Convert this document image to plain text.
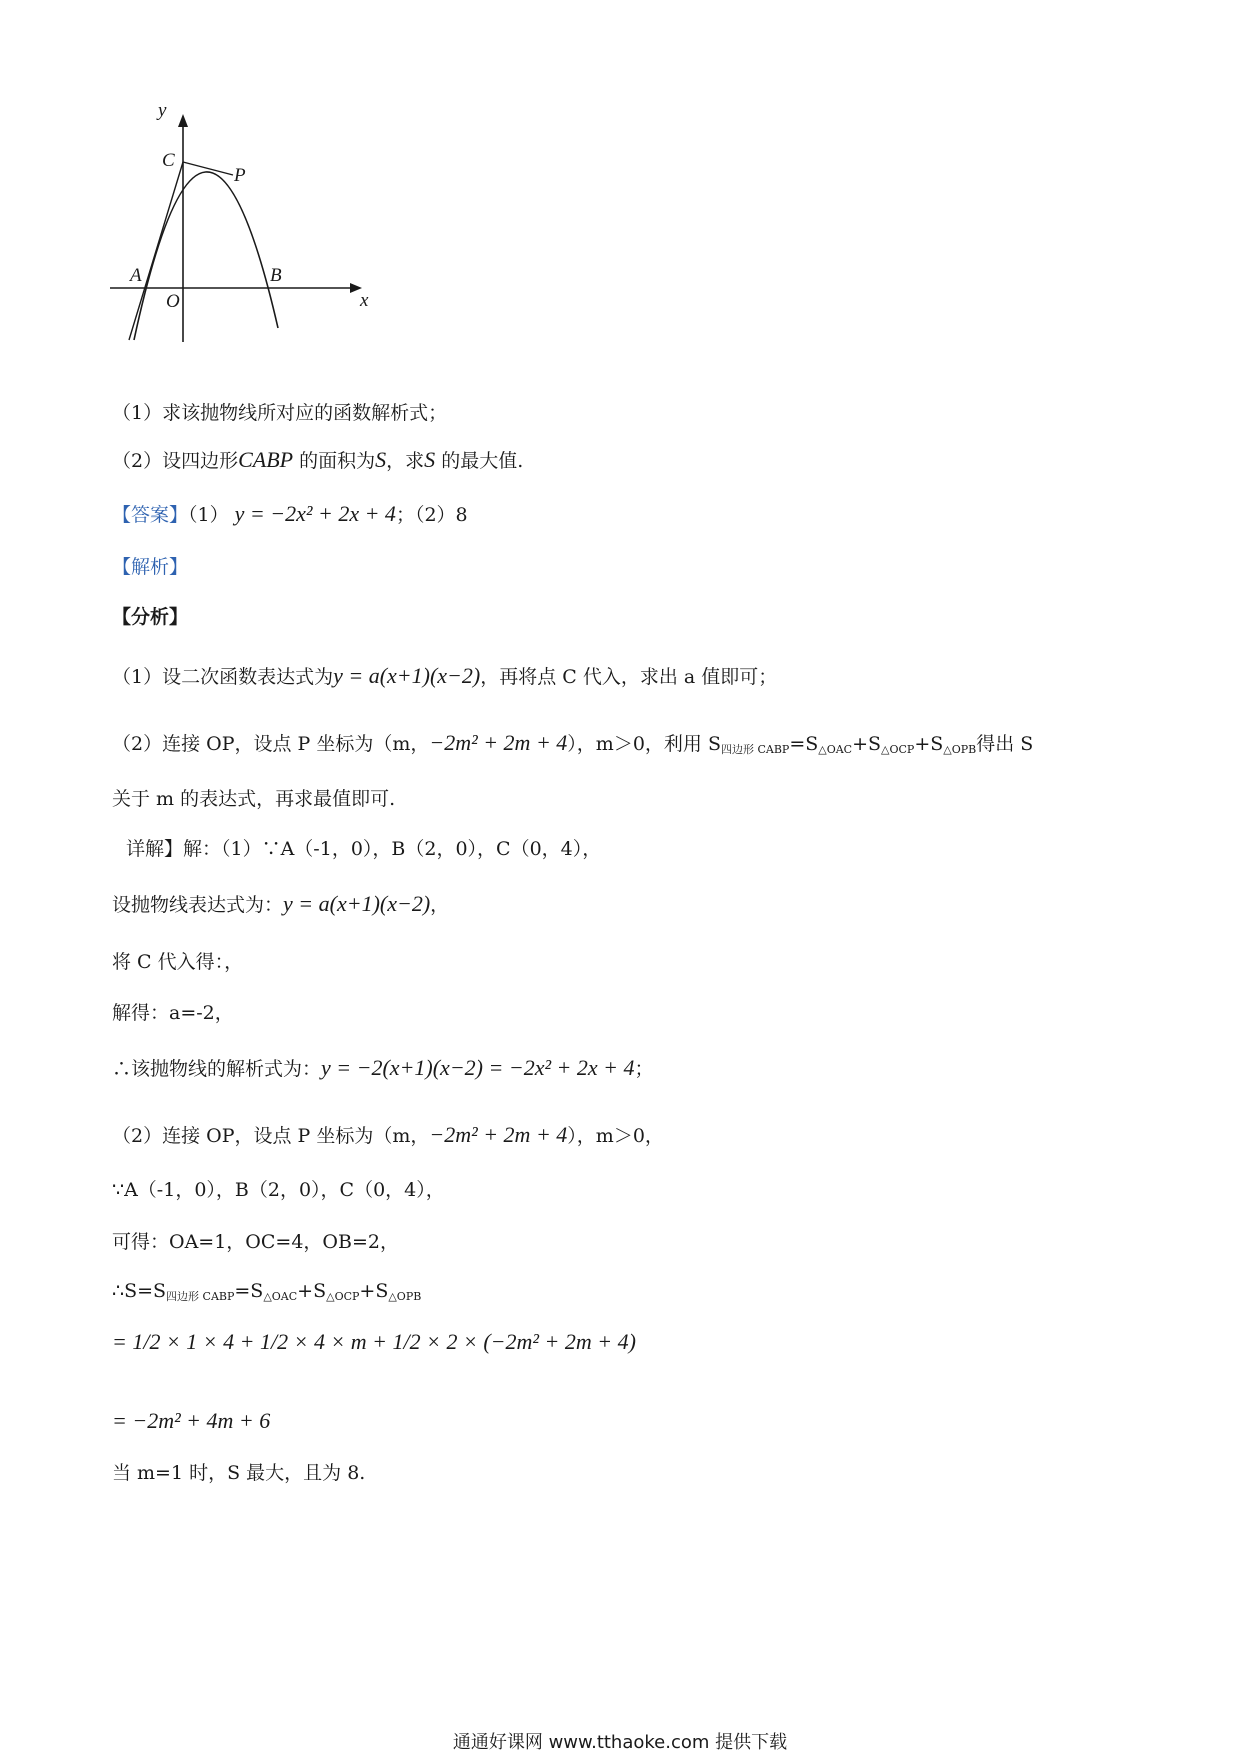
y
x
O
A	B
C
P
（1）求该抛物线所对应的函数解析式；
（2）设四边形CABP 的面积为S，求S 的最大值.
【答案】（1） y = −2x² + 2x + 4；（2）8
【解析】
【分析】
（1）设二次函数表达式为y = a(x+1)(x−2)，再将点 C 代入，求出 a 值即可；
（2）连接 OP，设点 P 坐标为（m，−2m² + 2m + 4），m＞0，利用 $S_{四边形 CABP}=S_{\triangle OAC}+S_{\triangle OCP}+S_{\triangle OPB}$得出 S
关于 m 的表达式，再求最值即可.
详解】解：（1）∵A（-1，0），B（2，0），C（0，4），
设抛物线表达式为：y = a(x+1)(x−2)，
将 C 代入得：，
解得：a=-2，
∴该抛物线的解析式为：y = −2(x+1)(x−2) = −2x² + 2x + 4；
（2）连接 OP，设点 P 坐标为（m，−2m² + 2m + 4），m＞0，
∵A（-1，0），B（2，0），C（0，4），
可得：OA=1，OC=4，OB=2，
$\therefore S=S_{四边形 CABP}=S_{\triangle OAC}+S_{\triangle OCP}+S_{\triangle OPB}$
= 1/2 × 1 × 4 + 1/2 × 4 × m + 1/2 × 2 × (−2m² + 2m + 4)
= −2m² + 4m + 6
当 m=1 时，S 最大，且为 8.
通通好课网 www.tthaoke.com 提供下载
